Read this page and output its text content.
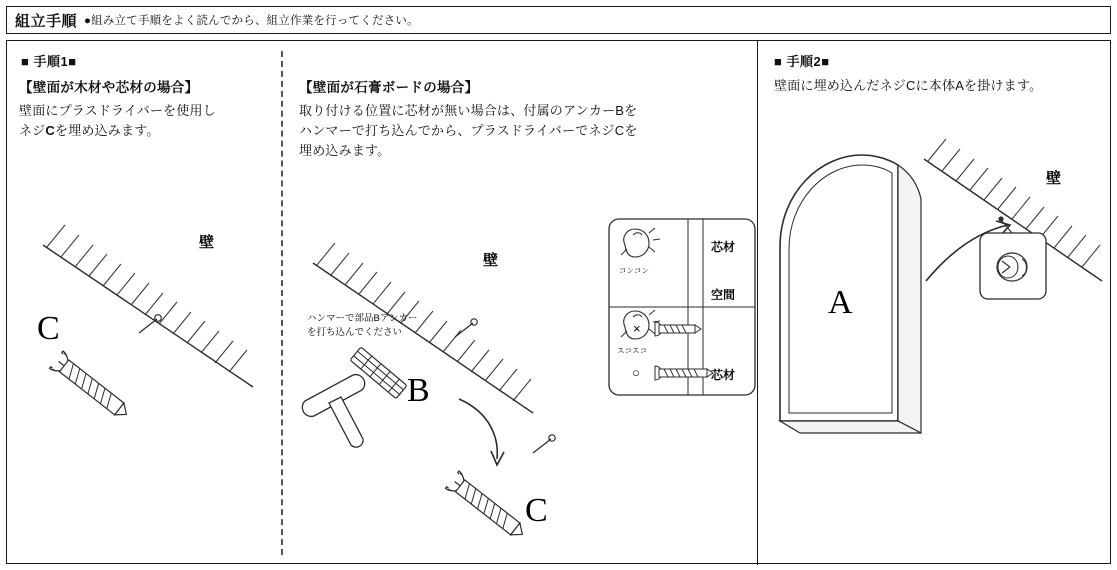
組立手順 ●組み立て手順をよく読んでから、組立作業を行ってください。
■ 手順1■
【壁面が木材や芯材の場合】
壁面にプラスドライバーを使用し
ネジCを埋め込みます。
壁
C
【壁面が石膏ボードの場合】
取り付ける位置に芯材が無い場合は、付属のアンカーBを
ハンマーで打ち込んでから、プラスドライバーでネジCを
埋め込みます。
壁
ハンマーで部品Bアンカー
を打ち込んでください
B
C
コンコン
芯材
スコスコ
空間
×
○	芯材
■ 手順2■
壁面に埋め込んだネジCに本体Aを掛けます。
壁
A
